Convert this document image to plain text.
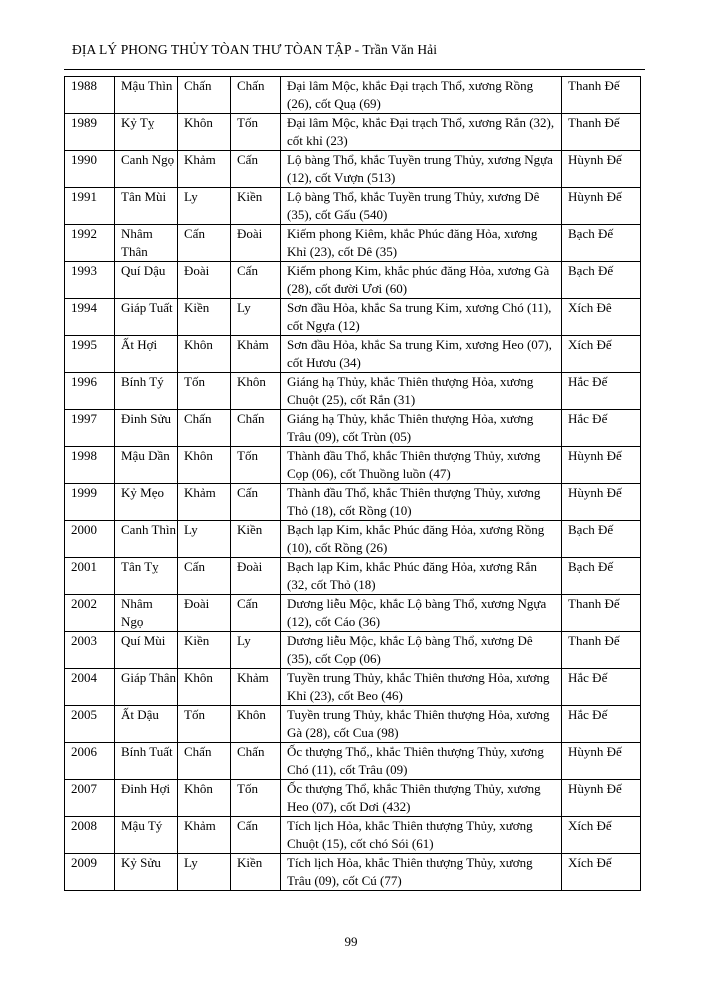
ĐỊA LÝ PHONG THỦY TÒAN THƯ TÒAN TẬP - Trần Văn Hải
1988	Mậu Thìn	Chấn	Chấn	Đại lâm Mộc, khắc Đại trạch Thổ, xương Rồng (26), cốt Quạ (69)	Thanh Đế
1989	Kỷ Tỵ	Khôn	Tốn	Đại lâm Mộc, khắc Đại trạch Thổ, xương Rắn (32), cốt khỉ (23)	Thanh Đế
1990	Canh Ngọ	Khảm	Cấn	Lộ bàng Thổ, khắc Tuyền trung Thủy, xương Ngựa (12), cốt Vượn (513)	Hùynh Đế
1991	Tân Mùi	Ly	Kiền	Lộ bàng Thổ, khắc Tuyền trung Thủy, xương Dê (35), cốt Gấu (540)	Hùynh Đế
1992	Nhâm Thân	Cấn	Đoài	Kiếm phong Kiêm, khắc Phúc đăng Hỏa, xương Khỉ (23), cốt Dê (35)	Bạch Đế
1993	Quí Dậu	Đoài	Cấn	Kiếm phong Kim, khắc phúc đăng Hỏa, xương Gà (28), cốt đười Ươi (60)	Bạch Đế
1994	Giáp Tuất	Kiền	Ly	Sơn đầu Hỏa, khắc Sa trung Kim, xương Chó (11), cốt Ngựa (12)	Xích Đê
1995	Ất Hợi	Khôn	Khảm	Sơn đầu Hỏa, khắc Sa trung Kim, xương Heo (07), cốt Hươu (34)	Xích Đế
1996	Bính Tý	Tốn	Khôn	Giáng hạ Thủy, khắc Thiên thượng Hỏa, xương Chuột (25), cốt Rắn (31)	Hắc Đế
1997	Đinh Sửu	Chấn	Chấn	Giáng hạ Thủy, khắc Thiên thượng Hỏa, xương Trâu (09), cốt Trùn (05)	Hắc Đế
1998	Mậu Dần	Khôn	Tốn	Thành đầu Thổ, khắc Thiên thượng Thủy, xương Cọp (06), cốt Thuồng luồn (47)	Hùynh Đế
1999	Kỷ Mẹo	Khảm	Cấn	Thành đầu Thổ, khắc Thiên thượng Thủy, xương Thỏ (18), cốt Rồng (10)	Hùynh Đế
2000	Canh Thìn	Ly	Kiền	Bạch lạp Kim, khắc Phúc đăng Hỏa, xương Rồng (10), cốt Rồng (26)	Bạch Đế
2001	Tân Tỵ	Cấn	Đoài	Bạch lạp Kim, khắc Phúc đăng Hỏa, xương Rắn (32, cốt Thỏ (18)	Bạch Đế
2002	Nhâm Ngọ	Đoài	Cấn	Dương liễu Mộc, khắc Lộ bàng Thổ, xương Ngựa (12), cốt Cáo (36)	Thanh Đế
2003	Quí Mùi	Kiền	Ly	Dương liễu Mộc, khắc Lộ bàng Thổ, xương Dê (35), cốt Cọp (06)	Thanh Đế
2004	Giáp Thân	Khôn	Khảm	Tuyền trung Thủy, khắc Thiên thương Hỏa, xương Khỉ (23), cốt Beo (46)	Hắc Đế
2005	Ất Dậu	Tốn	Khôn	Tuyền trung Thủy, khắc Thiên thượng Hỏa, xương Gà (28), cốt Cua (98)	Hắc Đế
2006	Bính Tuất	Chấn	Chấn	Ốc thượng Thổ,, khắc Thiên thượng Thủy, xương Chó (11), cốt Trâu (09)	Hùynh Đế
2007	Đinh Hợi	Khôn	Tốn	Ốc thượng Thổ, khắc Thiên thượng Thủy, xương Heo (07), cốt Dơi (432)	Hùynh Đế
2008	Mậu Tý	Khảm	Cấn	Tích lịch Hỏa, khắc Thiên thượng Thủy, xương Chuột (15), cốt chó Sói (61)	Xích Đế
2009	Kỷ Sửu	Ly	Kiền	Tích lịch Hỏa, khắc Thiên thượng Thủy, xương Trâu (09), cốt Cú (77)	Xích Đế
99
